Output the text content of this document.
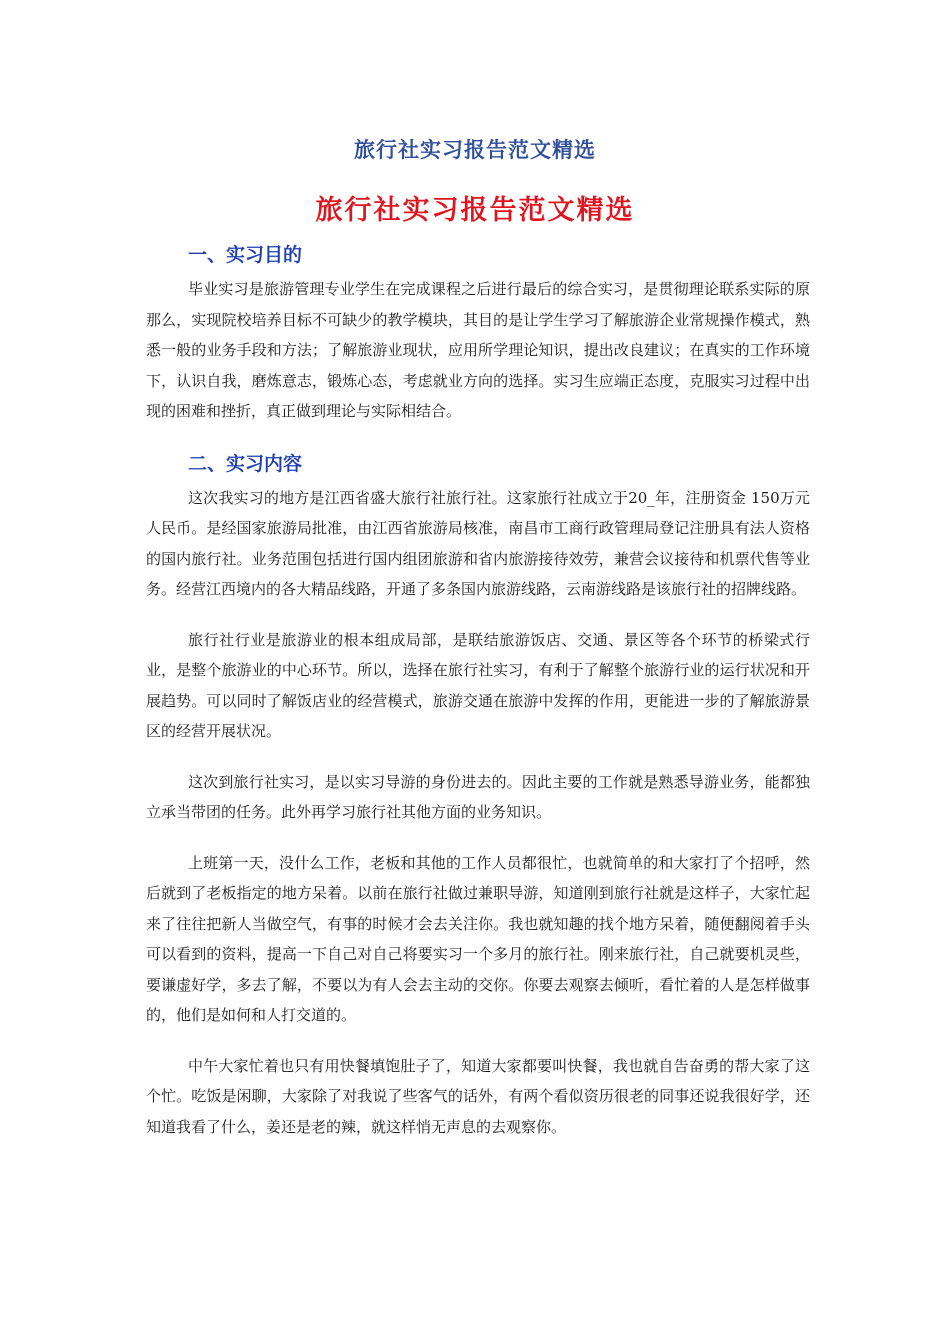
旅行社实习报告范文精选
旅行社实习报告范文精选
一、实习目的

毕业实习是旅游管理专业学生在完成课程之后进行最后的综合实习，是贯彻理论联系实际的原那么，实现院校培养目标不可缺少的教学模块，其目的是让学生学习了解旅游企业常规操作模式，熟悉一般的业务手段和方法；了解旅游业现状，应用所学理论知识，提出改良建议；在真实的工作环境下，认识自我，磨炼意志，锻炼心态，考虑就业方向的选择。实习生应端正态度，克服实习过程中出现的困难和挫折，真正做到理论与实际相结合。

二、实习内容

这次我实习的地方是江西省盛大旅行社旅行社。这家旅行社成立于20_年，注册资金 150万元人民币。是经国家旅游局批准，由江西省旅游局核准，南昌市工商行政管理局登记注册具有法人资格的国内旅行社。业务范围包括进行国内组团旅游和省内旅游接待效劳，兼营会议接待和机票代售等业务。经营江西境内的各大精品线路，开通了多条国内旅游线路，云南游线路是该旅行社的招牌线路。

旅行社行业是旅游业的根本组成局部，是联结旅游饭店、交通、景区等各个环节的桥梁式行业，是整个旅游业的中心环节。所以，选择在旅行社实习，有利于了解整个旅游行业的运行状况和开展趋势。可以同时了解饭店业的经营模式，旅游交通在旅游中发挥的作用，更能进一步的了解旅游景区的经营开展状况。

这次到旅行社实习，是以实习导游的身份进去的。因此主要的工作就是熟悉导游业务，能都独立承当带团的任务。此外再学习旅行社其他方面的业务知识。

上班第一天，没什么工作，老板和其他的工作人员都很忙，也就简单的和大家打了个招呼，然后就到了老板指定的地方呆着。以前在旅行社做过兼职导游，知道刚到旅行社就是这样子，大家忙起来了往往把新人当做空气，有事的时候才会去关注你。我也就知趣的找个地方呆着，随便翻阅着手头可以看到的资料，提高一下自己对自己将要实习一个多月的旅行社。刚来旅行社，自己就要机灵些，要谦虚好学，多去了解，不要以为有人会去主动的交你。你要去观察去倾听，看忙着的人是怎样做事的，他们是如何和人打交道的。

中午大家忙着也只有用快餐填饱肚子了，知道大家都要叫快餐，我也就自告奋勇的帮大家了这个忙。吃饭是闲聊，大家除了对我说了些客气的话外，有两个看似资历很老的同事还说我很好学，还知道我看了什么，姜还是老的辣，就这样悄无声息的去观察你。
